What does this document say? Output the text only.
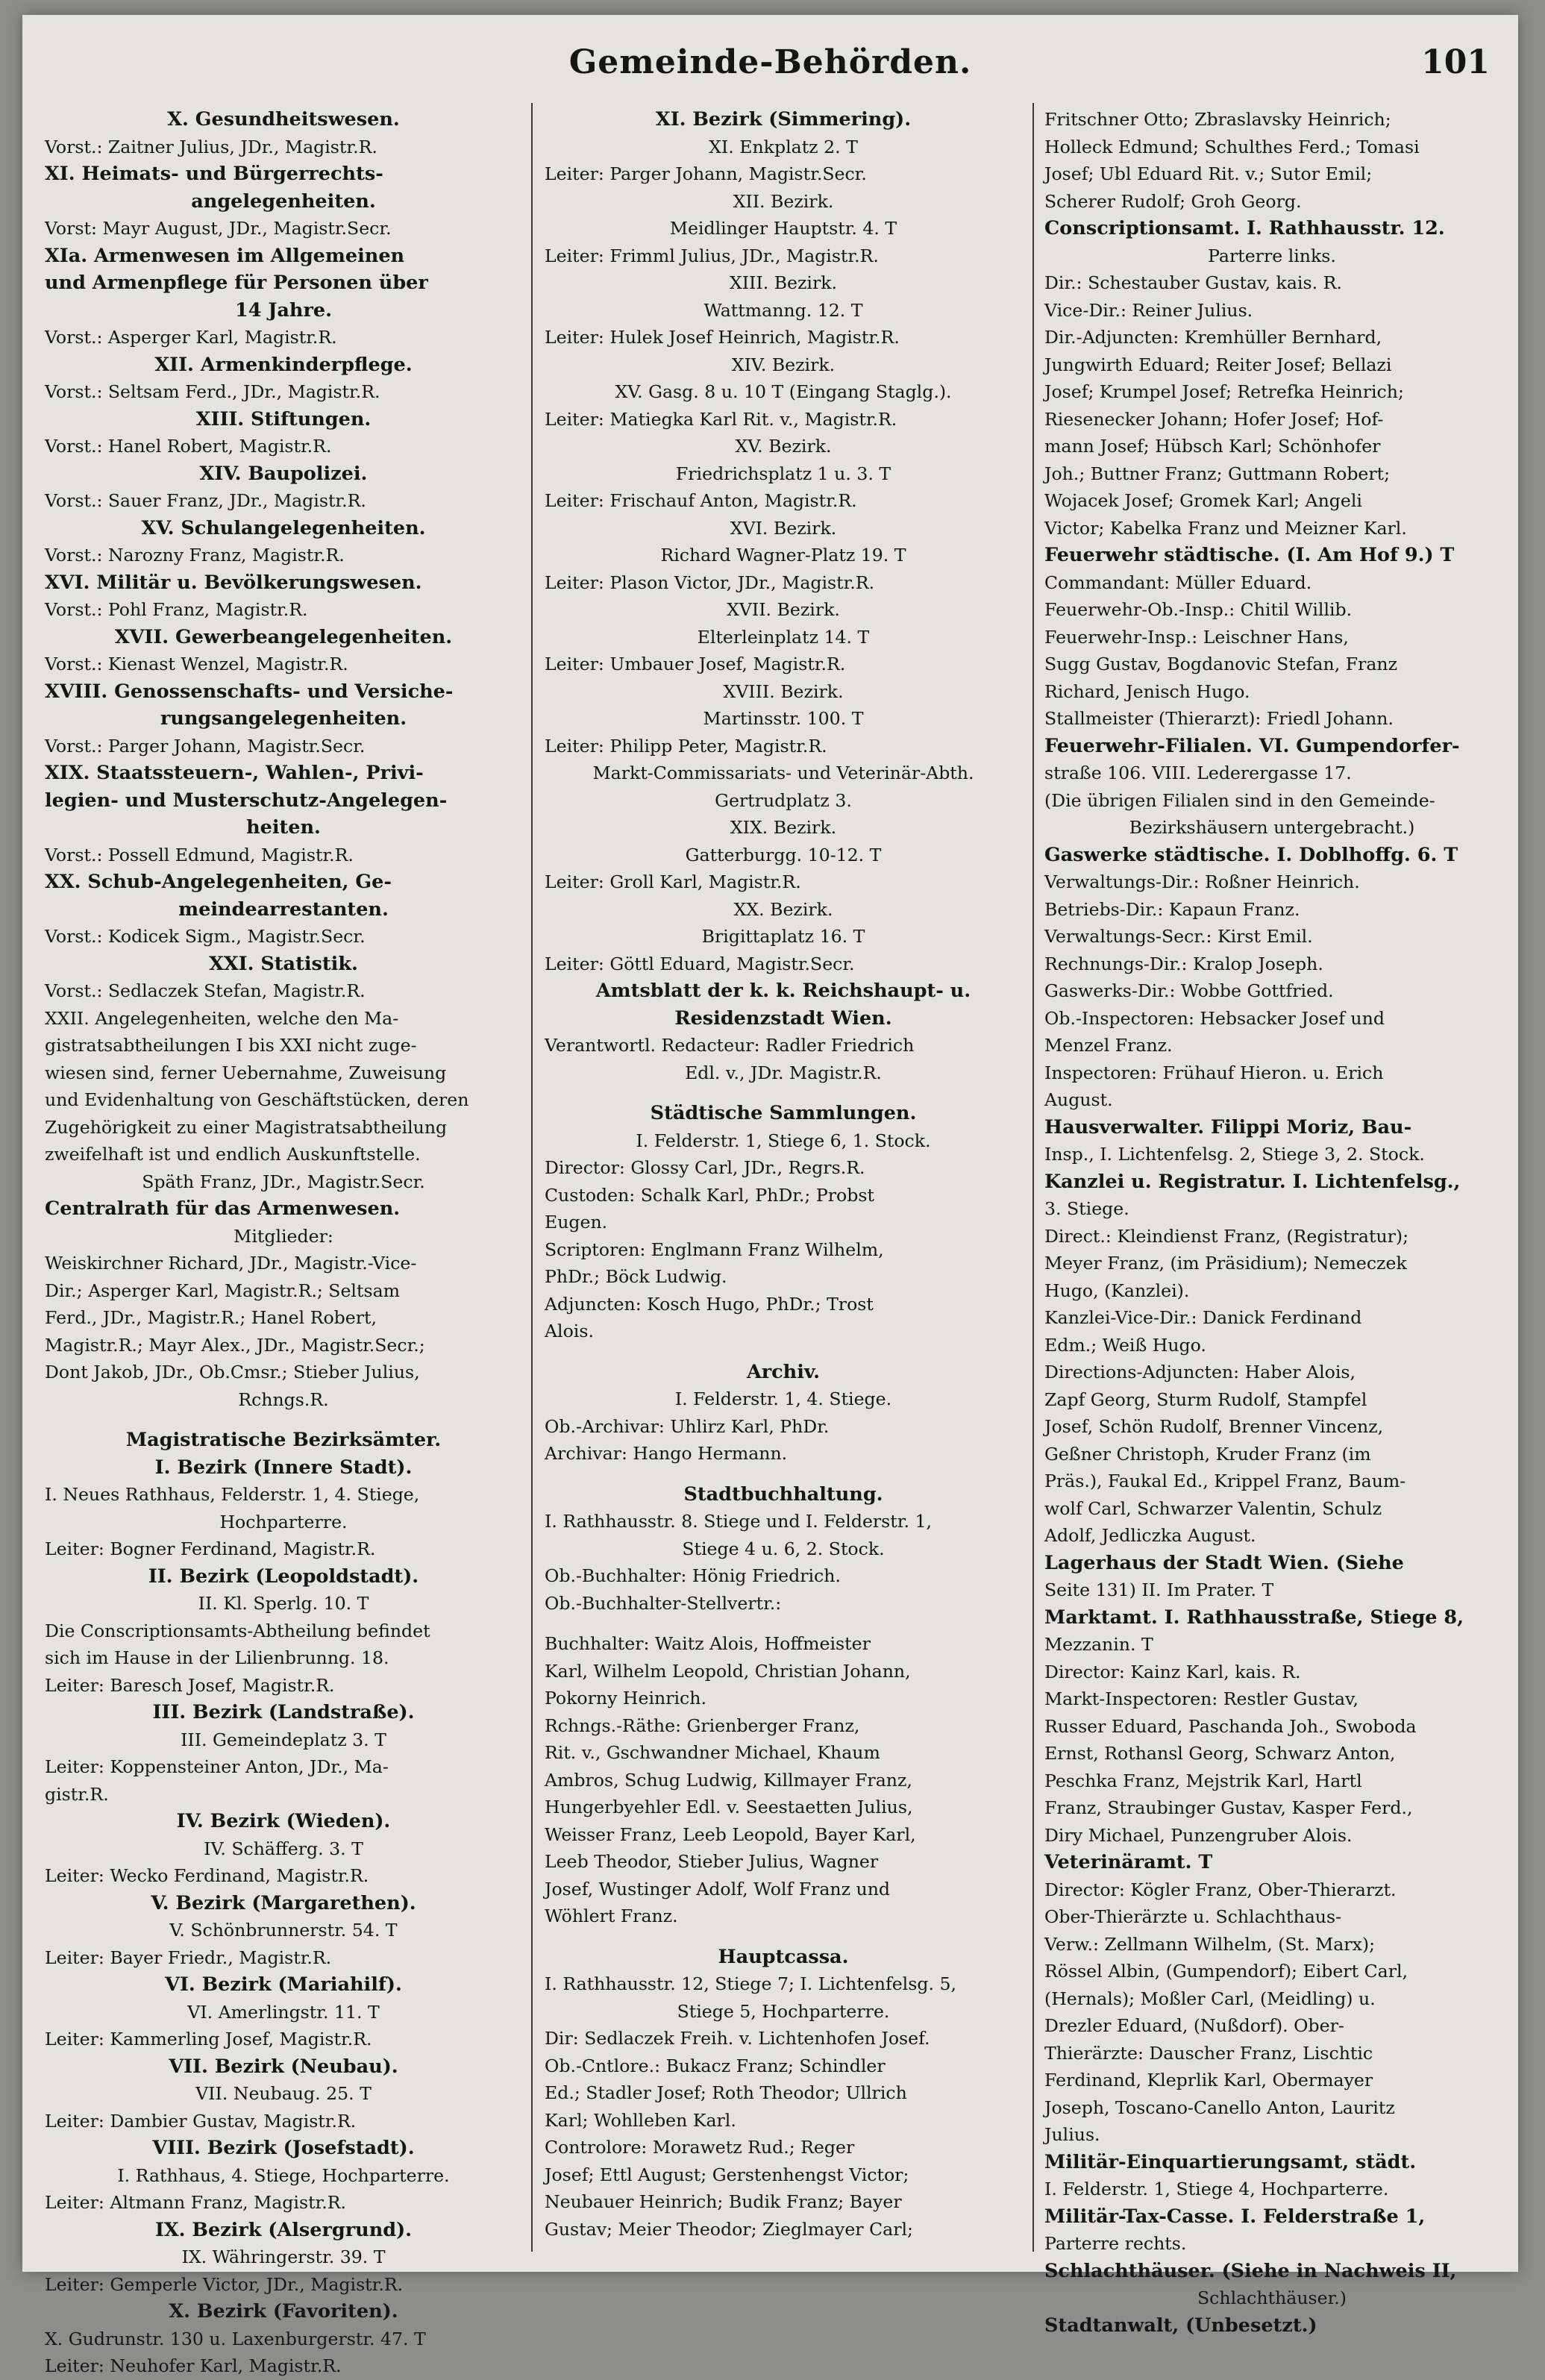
Gemeinde-Behörden.	101
X. Gesundheitswesen.
Vorst.: Zaitner Julius, JDr., Magistr.R.
XI. Heimats- und Bürgerrechts-
angelegenheiten.
Vorst: Mayr August, JDr., Magistr.Secr.
XIa. Armenwesen im Allgemeinen
und Armenpflege für Personen über
14 Jahre.
Vorst.: Asperger Karl, Magistr.R.
XII. Armenkinderpflege.
Vorst.: Seltsam Ferd., JDr., Magistr.R.
XIII. Stiftungen.
Vorst.: Hanel Robert, Magistr.R.
XIV. Baupolizei.
Vorst.: Sauer Franz, JDr., Magistr.R.
XV. Schulangelegenheiten.
Vorst.: Narozny Franz, Magistr.R.
XVI. Militär u. Bevölkerungswesen.
Vorst.: Pohl Franz, Magistr.R.
XVII. Gewerbeangelegenheiten.
Vorst.: Kienast Wenzel, Magistr.R.
XVIII. Genossenschafts- und Versiche-
rungsangelegenheiten.
Vorst.: Parger Johann, Magistr.Secr.
XIX. Staatssteuern-, Wahlen-, Privi-
legien- und Musterschutz-Angelegen-
heiten.
Vorst.: Possell Edmund, Magistr.R.
XX. Schub-Angelegenheiten, Ge-
meindearrestanten.
Vorst.: Kodicek Sigm., Magistr.Secr.
XXI. Statistik.
Vorst.: Sedlaczek Stefan, Magistr.R.
XXII. Angelegenheiten, welche den Ma-
gistratsabtheilungen I bis XXI nicht zuge-
wiesen sind, ferner Uebernahme, Zuweisung
und Evidenhaltung von Geschäftstücken, deren
Zugehörigkeit zu einer Magistratsabtheilung
zweifelhaft ist und endlich Auskunftstelle.
Späth Franz, JDr., Magistr.Secr.
Centralrath für das Armenwesen.
Mitglieder:
Weiskirchner Richard, JDr., Magistr.-Vice-
Dir.; Asperger Karl, Magistr.R.; Seltsam
Ferd., JDr., Magistr.R.; Hanel Robert,
Magistr.R.; Mayr Alex., JDr., Magistr.Secr.;
Dont Jakob, JDr., Ob.Cmsr.; Stieber Julius,
Rchngs.R.
Magistratische Bezirksämter.
I. Bezirk (Innere Stadt).
I. Neues Rathhaus, Felderstr. 1, 4. Stiege,
Hochparterre.
Leiter: Bogner Ferdinand, Magistr.R.
II. Bezirk (Leopoldstadt).
II. Kl. Sperlg. 10. T
Die Conscriptionsamts-Abtheilung befindet
sich im Hause in der Lilienbrunng. 18.
Leiter: Baresch Josef, Magistr.R.
III. Bezirk (Landstraße).
III. Gemeindeplatz 3. T
Leiter: Koppensteiner Anton, JDr., Ma-
gistr.R.
IV. Bezirk (Wieden).
IV. Schäfferg. 3. T
Leiter: Wecko Ferdinand, Magistr.R.
V. Bezirk (Margarethen).
V. Schönbrunnerstr. 54. T
Leiter: Bayer Friedr., Magistr.R.
VI. Bezirk (Mariahilf).
VI. Amerlingstr. 11. T
Leiter: Kammerling Josef, Magistr.R.
VII. Bezirk (Neubau).
VII. Neubaug. 25. T
Leiter: Dambier Gustav, Magistr.R.
VIII. Bezirk (Josefstadt).
I. Rathhaus, 4. Stiege, Hochparterre.
Leiter: Altmann Franz, Magistr.R.
IX. Bezirk (Alsergrund).
IX. Währingerstr. 39. T
Leiter: Gemperle Victor, JDr., Magistr.R.
X. Bezirk (Favoriten).
X. Gudrunstr. 130 u. Laxenburgerstr. 47. T
Leiter: Neuhofer Karl, Magistr.R.
XI. Bezirk (Simmering).
XI. Enkplatz 2. T
Leiter: Parger Johann, Magistr.Secr.
XII. Bezirk.
Meidlinger Hauptstr. 4. T
Leiter: Frimml Julius, JDr., Magistr.R.
XIII. Bezirk.
Wattmanng. 12. T
Leiter: Hulek Josef Heinrich, Magistr.R.
XIV. Bezirk.
XV. Gasg. 8 u. 10 T (Eingang Staglg.).
Leiter: Matiegka Karl Rit. v., Magistr.R.
XV. Bezirk.
Friedrichsplatz 1 u. 3. T
Leiter: Frischauf Anton, Magistr.R.
XVI. Bezirk.
Richard Wagner-Platz 19. T
Leiter: Plason Victor, JDr., Magistr.R.
XVII. Bezirk.
Elterleinplatz 14. T
Leiter: Umbauer Josef, Magistr.R.
XVIII. Bezirk.
Martinsstr. 100. T
Leiter: Philipp Peter, Magistr.R.
Markt-Commissariats- und Veterinär-Abth.
Gertrudplatz 3.
XIX. Bezirk.
Gatterburgg. 10-12. T
Leiter: Groll Karl, Magistr.R.
XX. Bezirk.
Brigittaplatz 16. T
Leiter: Göttl Eduard, Magistr.Secr.
Amtsblatt der k. k. Reichshaupt- u.
Residenzstadt Wien.
Verantwortl. Redacteur: Radler Friedrich
Edl. v., JDr. Magistr.R.
Städtische Sammlungen.
I. Felderstr. 1, Stiege 6, 1. Stock.
Director: Glossy Carl, JDr., Regrs.R.
Custoden: Schalk Karl, PhDr.; Probst
Eugen.
Scriptoren: Englmann Franz Wilhelm,
PhDr.; Böck Ludwig.
Adjuncten: Kosch Hugo, PhDr.; Trost
Alois.
Archiv.
I. Felderstr. 1, 4. Stiege.
Ob.-Archivar: Uhlirz Karl, PhDr.
Archivar: Hango Hermann.
Stadtbuchhaltung.
I. Rathhausstr. 8. Stiege und I. Felderstr. 1,
Stiege 4 u. 6, 2. Stock.
Ob.-Buchhalter: Hönig Friedrich.
Ob.-Buchhalter-Stellvertr.:
Buchhalter: Waitz Alois, Hoffmeister
Karl, Wilhelm Leopold, Christian Johann,
Pokorny Heinrich.
Rchngs.-Räthe: Grienberger Franz,
Rit. v., Gschwandner Michael, Khaum
Ambros, Schug Ludwig, Killmayer Franz,
Hungerbyehler Edl. v. Seestaetten Julius,
Weisser Franz, Leeb Leopold, Bayer Karl,
Leeb Theodor, Stieber Julius, Wagner
Josef, Wustinger Adolf, Wolf Franz und
Wöhlert Franz.
Hauptcassa.
I. Rathhausstr. 12, Stiege 7; I. Lichtenfelsg. 5,
Stiege 5, Hochparterre.
Dir: Sedlaczek Freih. v. Lichtenhofen Josef.
Ob.-Cntlore.: Bukacz Franz; Schindler
Ed.; Stadler Josef; Roth Theodor; Ullrich
Karl; Wohlleben Karl.
Controlore: Morawetz Rud.; Reger
Josef; Ettl August; Gerstenhengst Victor;
Neubauer Heinrich; Budik Franz; Bayer
Gustav; Meier Theodor; Zieglmayer Carl;
Fritschner Otto; Zbraslavsky Heinrich;
Holleck Edmund; Schulthes Ferd.; Tomasi
Josef; Ubl Eduard Rit. v.; Sutor Emil;
Scherer Rudolf; Groh Georg.
Conscriptionsamt. I. Rathhausstr. 12.
Parterre links.
Dir.: Schestauber Gustav, kais. R.
Vice-Dir.: Reiner Julius.
Dir.-Adjuncten: Kremhüller Bernhard,
Jungwirth Eduard; Reiter Josef; Bellazi
Josef; Krumpel Josef; Retrefka Heinrich;
Riesenecker Johann; Hofer Josef; Hof-
mann Josef; Hübsch Karl; Schönhofer
Joh.; Buttner Franz; Guttmann Robert;
Wojacek Josef; Gromek Karl; Angeli
Victor; Kabelka Franz und Meizner Karl.
Feuerwehr städtische. (I. Am Hof 9.) T
Commandant: Müller Eduard.
Feuerwehr-Ob.-Insp.: Chitil Willib.
Feuerwehr-Insp.: Leischner Hans,
Sugg Gustav, Bogdanovic Stefan, Franz
Richard, Jenisch Hugo.
Stallmeister (Thierarzt): Friedl Johann.
Feuerwehr-Filialen. VI. Gumpendorfer-
straße 106. VIII. Lederergasse 17.
(Die übrigen Filialen sind in den Gemeinde-
Bezirkshäusern untergebracht.)
Gaswerke städtische. I. Doblhoffg. 6. T
Verwaltungs-Dir.: Roßner Heinrich.
Betriebs-Dir.: Kapaun Franz.
Verwaltungs-Secr.: Kirst Emil.
Rechnungs-Dir.: Kralop Joseph.
Gaswerks-Dir.: Wobbe Gottfried.
Ob.-Inspectoren: Hebsacker Josef und
Menzel Franz.
Inspectoren: Frühauf Hieron. u. Erich
August.
Hausverwalter. Filippi Moriz, Bau-
Insp., I. Lichtenfelsg. 2, Stiege 3, 2. Stock.
Kanzlei u. Registratur. I. Lichtenfelsg.,
3. Stiege.
Direct.: Kleindienst Franz, (Registratur);
Meyer Franz, (im Präsidium); Nemeczek
Hugo, (Kanzlei).
Kanzlei-Vice-Dir.: Danick Ferdinand
Edm.; Weiß Hugo.
Directions-Adjuncten: Haber Alois,
Zapf Georg, Sturm Rudolf, Stampfel
Josef, Schön Rudolf, Brenner Vincenz,
Geßner Christoph, Kruder Franz (im
Präs.), Faukal Ed., Krippel Franz, Baum-
wolf Carl, Schwarzer Valentin, Schulz
Adolf, Jedliczka August.
Lagerhaus der Stadt Wien. (Siehe
Seite 131) II. Im Prater. T
Marktamt. I. Rathhausstraße, Stiege 8,
Mezzanin. T
Director: Kainz Karl, kais. R.
Markt-Inspectoren: Restler Gustav,
Russer Eduard, Paschanda Joh., Swoboda
Ernst, Rothansl Georg, Schwarz Anton,
Peschka Franz, Mejstrik Karl, Hartl
Franz, Straubinger Gustav, Kasper Ferd.,
Diry Michael, Punzengruber Alois.
Veterinäramt. T
Director: Kögler Franz, Ober-Thierarzt.
Ober-Thierärzte u. Schlachthaus-
Verw.: Zellmann Wilhelm, (St. Marx);
Rössel Albin, (Gumpendorf); Eibert Carl,
(Hernals); Moßler Carl, (Meidling) u.
Drezler Eduard, (Nußdorf). Ober-
Thierärzte: Dauscher Franz, Lischtic
Ferdinand, Kleprlik Karl, Obermayer
Joseph, Toscano-Canello Anton, Lauritz
Julius.
Militär-Einquartierungsamt, städt.
I. Felderstr. 1, Stiege 4, Hochparterre.
Militär-Tax-Casse. I. Felderstraße 1,
Parterre rechts.
Schlachthäuser. (Siehe in Nachweis II,
Schlachthäuser.)
Stadtanwalt, (Unbesetzt.)
